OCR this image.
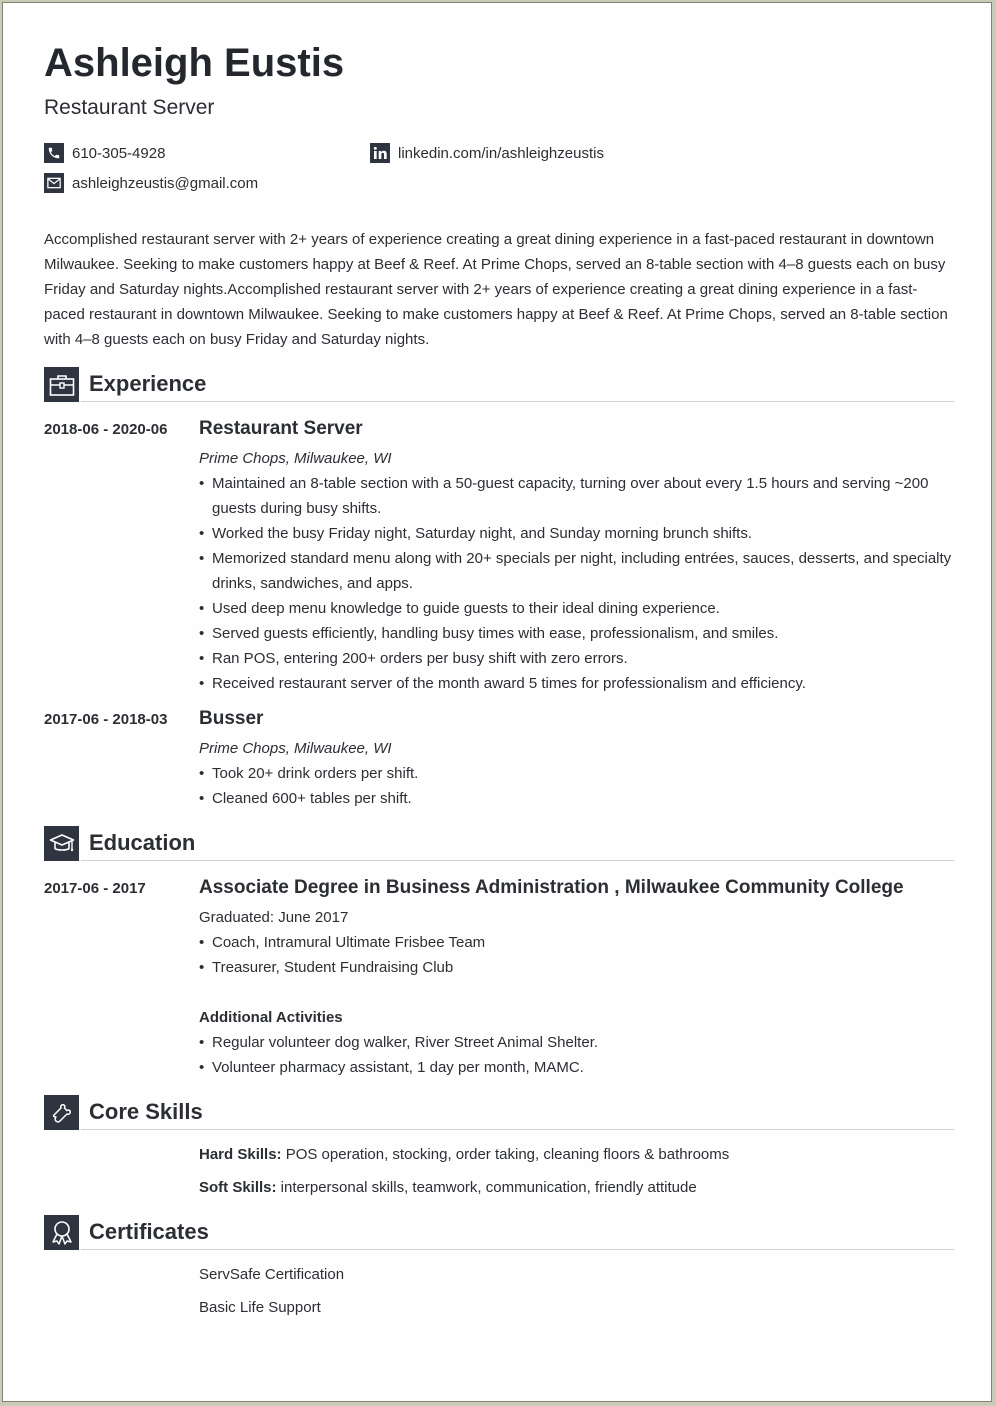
Ashleigh Eustis
Restaurant Server
610-305-4928	linkedin.com/in/ashleighzeustis
ashleighzeustis@gmail.com
Accomplished restaurant server with 2+ years of experience creating a great dining experience in a fast-paced restaurant in downtown Milwaukee. Seeking to make customers happy at Beef & Reef. At Prime Chops, served an 8-table section with 4–8 guests each on busy Friday and Saturday nights.Accomplished restaurant server with 2+ years of experience creating a great dining experience in a fast-paced restaurant in downtown Milwaukee. Seeking to make customers happy at Beef & Reef. At Prime Chops, served an 8-table section with 4–8 guests each on busy Friday and Saturday nights.
Experience
2018-06 - 2020-06 Restaurant Server
Prime Chops, Milwaukee, WI
• Maintained an 8-table section with a 50-guest capacity, turning over about every 1.5 hours and serving ~200 guests during busy shifts.
• Worked the busy Friday night, Saturday night, and Sunday morning brunch shifts.
• Memorized standard menu along with 20+ specials per night, including entrées, sauces, desserts, and specialty drinks, sandwiches, and apps.
• Used deep menu knowledge to guide guests to their ideal dining experience.
• Served guests efficiently, handling busy times with ease, professionalism, and smiles.
• Ran POS, entering 200+ orders per busy shift with zero errors.
• Received restaurant server of the month award 5 times for professionalism and efficiency.
2017-06 - 2018-03 Busser
Prime Chops, Milwaukee, WI
• Took 20+ drink orders per shift.
• Cleaned 600+ tables per shift.
Education
2017-06 - 2017	Associate Degree in Business Administration , Milwaukee Community College
Graduated: June 2017
• Coach, Intramural Ultimate Frisbee Team
• Treasurer, Student Fundraising Club
Additional Activities
• Regular volunteer dog walker, River Street Animal Shelter.
• Volunteer pharmacy assistant, 1 day per month, MAMC.
Core Skills
Hard Skills: POS operation, stocking, order taking, cleaning floors & bathrooms
Soft Skills: interpersonal skills, teamwork, communication, friendly attitude
Certificates
ServSafe Certification
Basic Life Support
